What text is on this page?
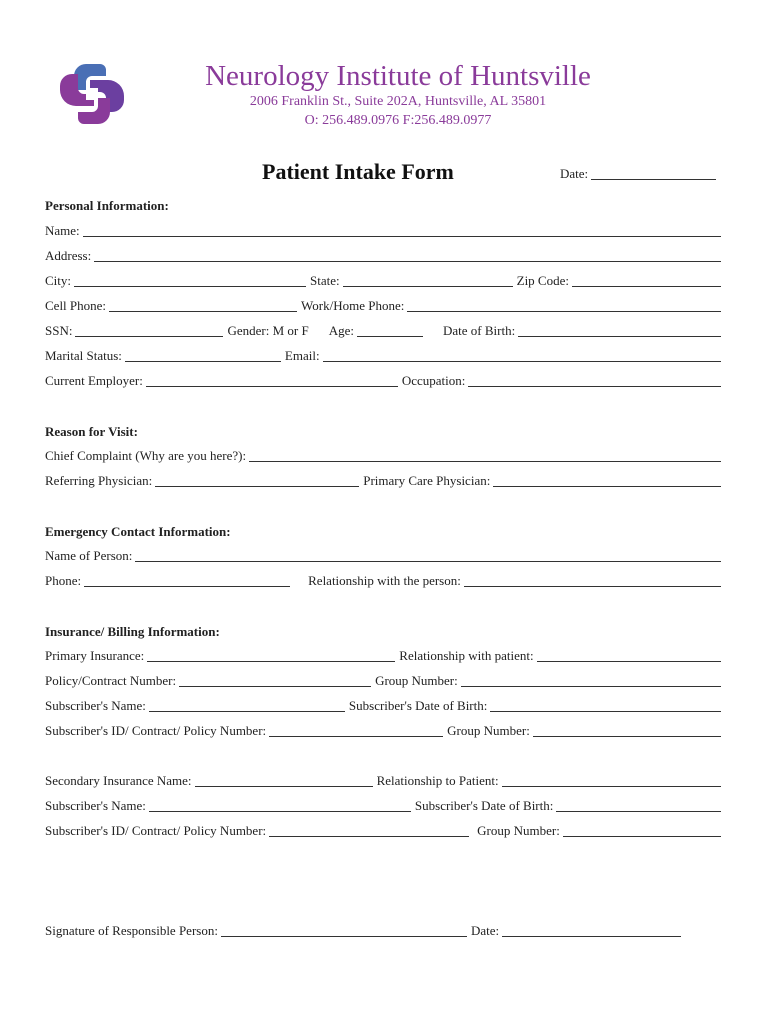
Neurology Institute of Huntsville
2006 Franklin St., Suite 202A, Huntsville, AL 35801
O: 256.489.0976 F:256.489.0977
Patient Intake Form	Date:
Personal Information:
Name:
Address:
City:	State:	Zip Code:
Cell Phone:	Work/Home Phone:
SSN:	Gender: M or F Age:	Date of Birth:
Marital Status:	Email:
Current Employer:	Occupation:
Reason for Visit:
Chief Complaint (Why are you here?):
Referring Physician:	Primary Care Physician:
Emergency Contact Information:
Name of Person:
Phone:	Relationship with the person:
Insurance/ Billing Information:
Primary Insurance:	Relationship with patient:
Policy/Contract Number:	Group Number:
Subscriber's Name:	Subscriber's Date of Birth:
Subscriber's ID/ Contract/ Policy Number:	Group Number:
Secondary Insurance Name:	Relationship to Patient:
Subscriber's Name:	Subscriber's Date of Birth:
Subscriber's ID/ Contract/ Policy Number:	Group Number:
Signature of Responsible Person:	Date:
